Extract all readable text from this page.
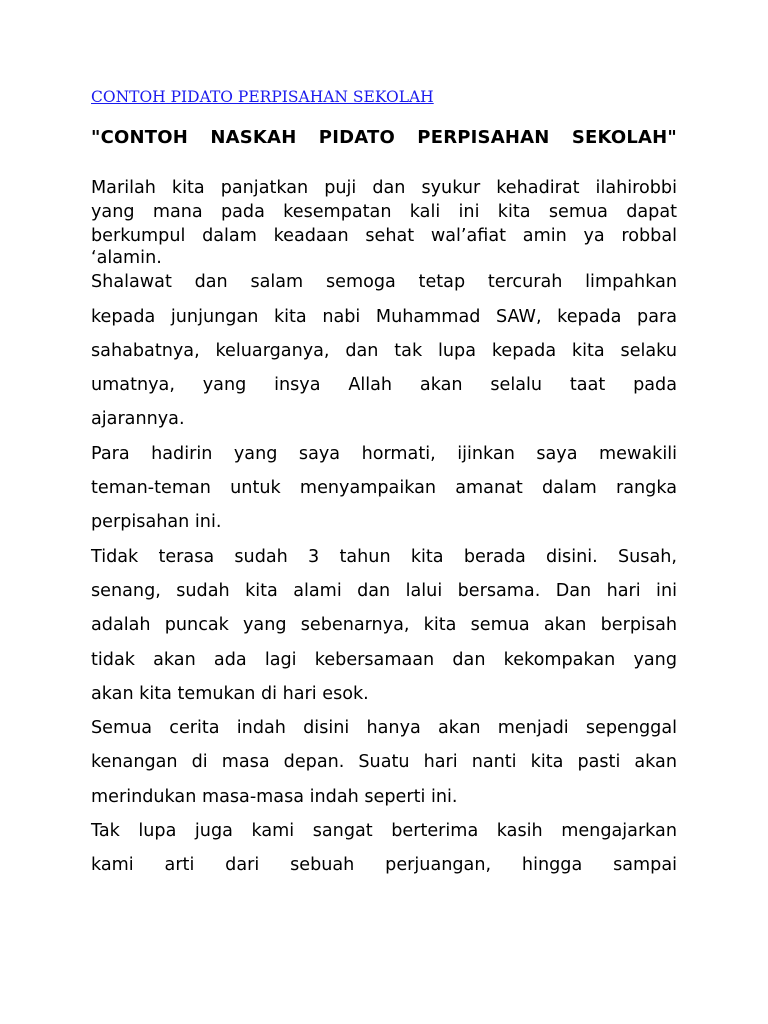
CONTOH PIDATO PERPISAHAN SEKOLAH
"CONTOH NASKAH PIDATO PERPISAHAN SEKOLAH"
Marilah kita panjatkan puji dan syukur kehadirat ilahirobbi
yang mana pada kesempatan kali ini kita semua dapat
berkumpul dalam keadaan sehat wal’afiat amin ya robbal
‘alamin.
Shalawat dan salam semoga tetap tercurah limpahkan
kepada junjungan kita nabi Muhammad SAW, kepada para
sahabatnya, keluarganya, dan tak lupa kepada kita selaku
umatnya, yang insya Allah akan selalu taat pada
ajarannya.
Para hadirin yang saya hormati, ijinkan saya mewakili
teman-teman untuk menyampaikan amanat dalam rangka
perpisahan ini.
Tidak terasa sudah 3 tahun kita berada disini. Susah,
senang, sudah kita alami dan lalui bersama. Dan hari ini
adalah puncak yang sebenarnya, kita semua akan berpisah
tidak akan ada lagi kebersamaan dan kekompakan yang
akan kita temukan di hari esok.
Semua cerita indah disini hanya akan menjadi sepenggal
kenangan di masa depan. Suatu hari nanti kita pasti akan
merindukan masa-masa indah seperti ini.
Tak lupa juga kami sangat berterima kasih mengajarkan
kami arti dari sebuah perjuangan, hingga sampai
